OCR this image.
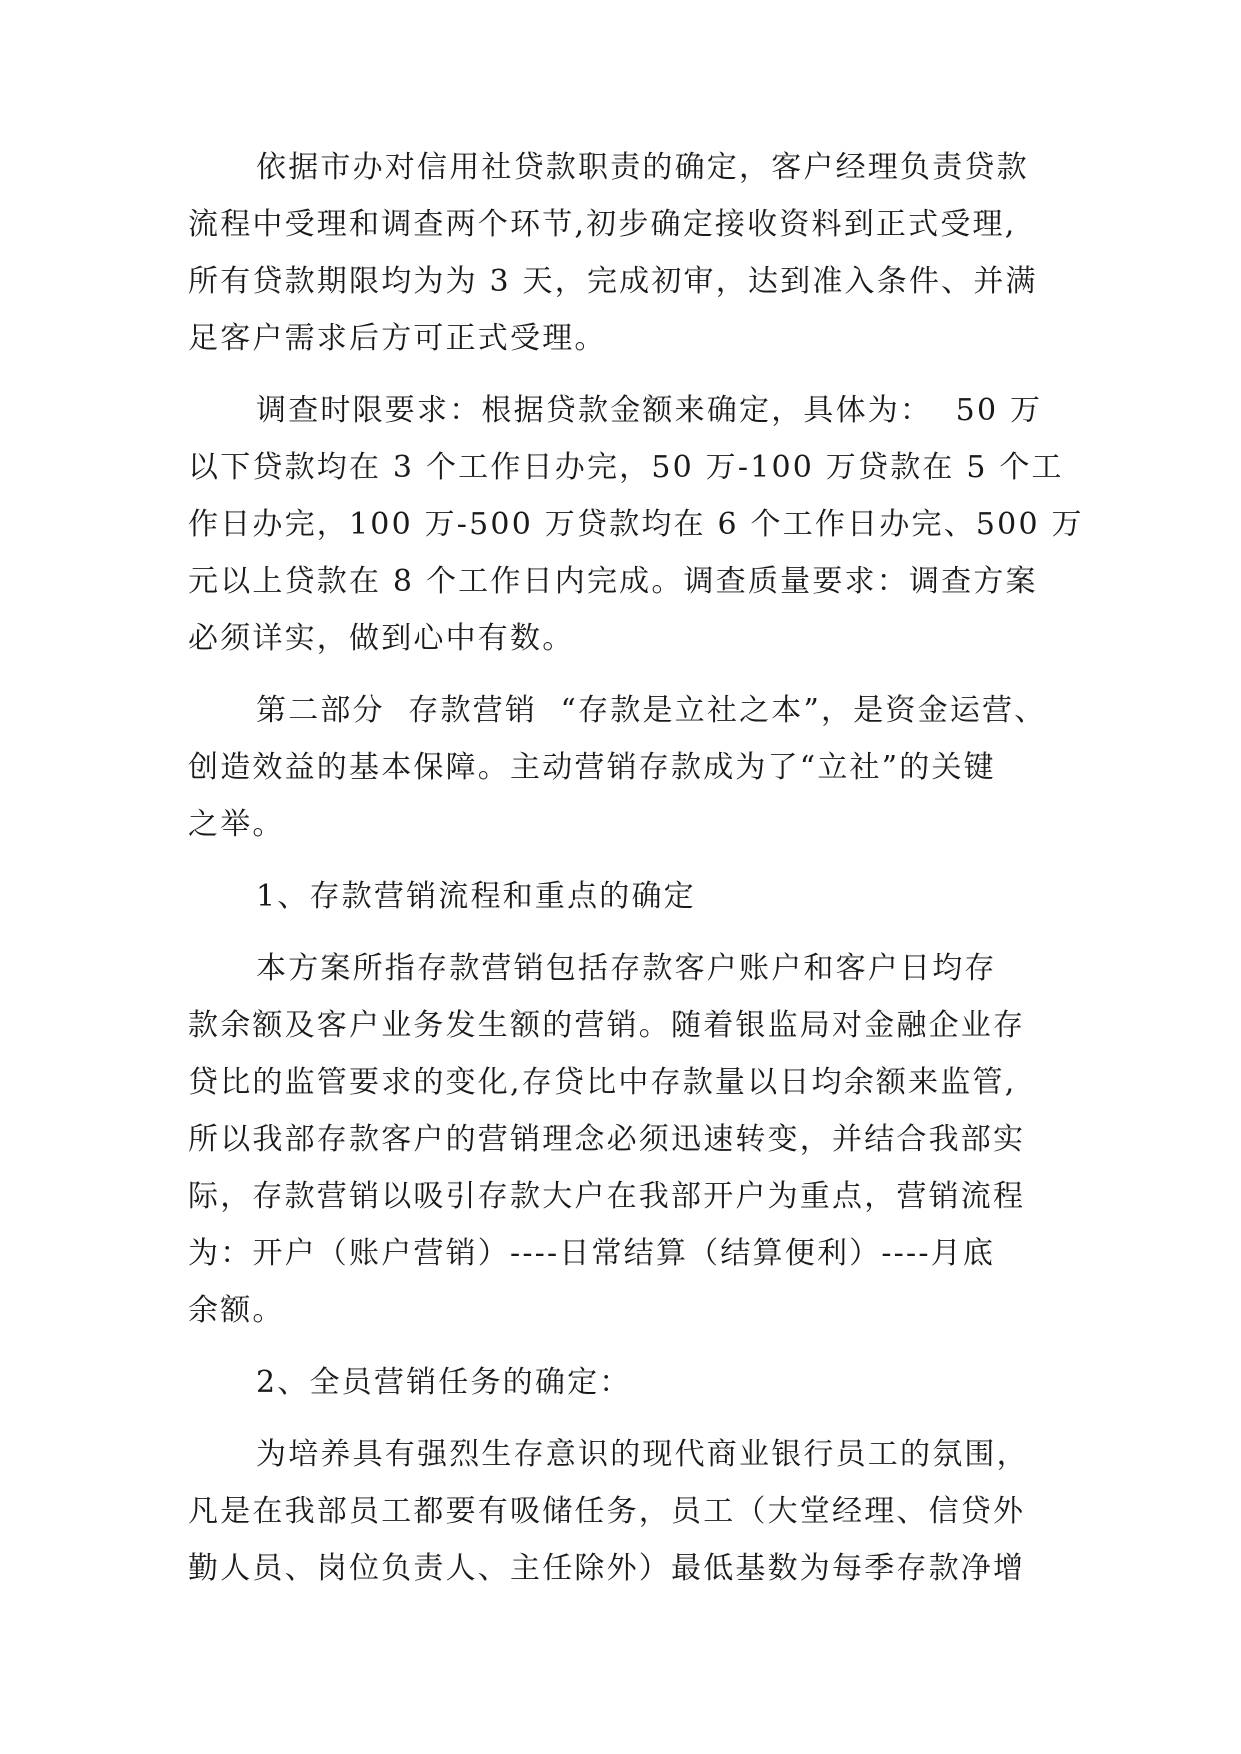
依据市办对信用社贷款职责的确定，客户经理负责贷款
流程中受理和调查两个环节,初步确定接收资料到正式受理,
所有贷款期限均为为 3 天，完成初审，达到准入条件、并满
足客户需求后方可正式受理。
调查时限要求：根据贷款金额来确定，具体为：  50 万
以下贷款均在 3 个工作日办完，50 万-100 万贷款在 5 个工
作日办完，100 万-500 万贷款均在 6 个工作日办完、500 万
元以上贷款在 8 个工作日内完成。调查质量要求：调查方案
必须详实，做到心中有数。
第二部分  存款营销  “存款是立社之本”，是资金运营、
创造效益的基本保障。主动营销存款成为了“立社”的关键
之举。
1、存款营销流程和重点的确定
本方案所指存款营销包括存款客户账户和客户日均存
款余额及客户业务发生额的营销。随着银监局对金融企业存
贷比的监管要求的变化,存贷比中存款量以日均余额来监管,
所以我部存款客户的营销理念必须迅速转变，并结合我部实
际，存款营销以吸引存款大户在我部开户为重点，营销流程
为：开户（账户营销）----日常结算（结算便利）----月底
余额。
2、全员营销任务的确定：
为培养具有强烈生存意识的现代商业银行员工的氛围，
凡是在我部员工都要有吸储任务，员工（大堂经理、信贷外
勤人员、岗位负责人、主任除外）最低基数为每季存款净增
